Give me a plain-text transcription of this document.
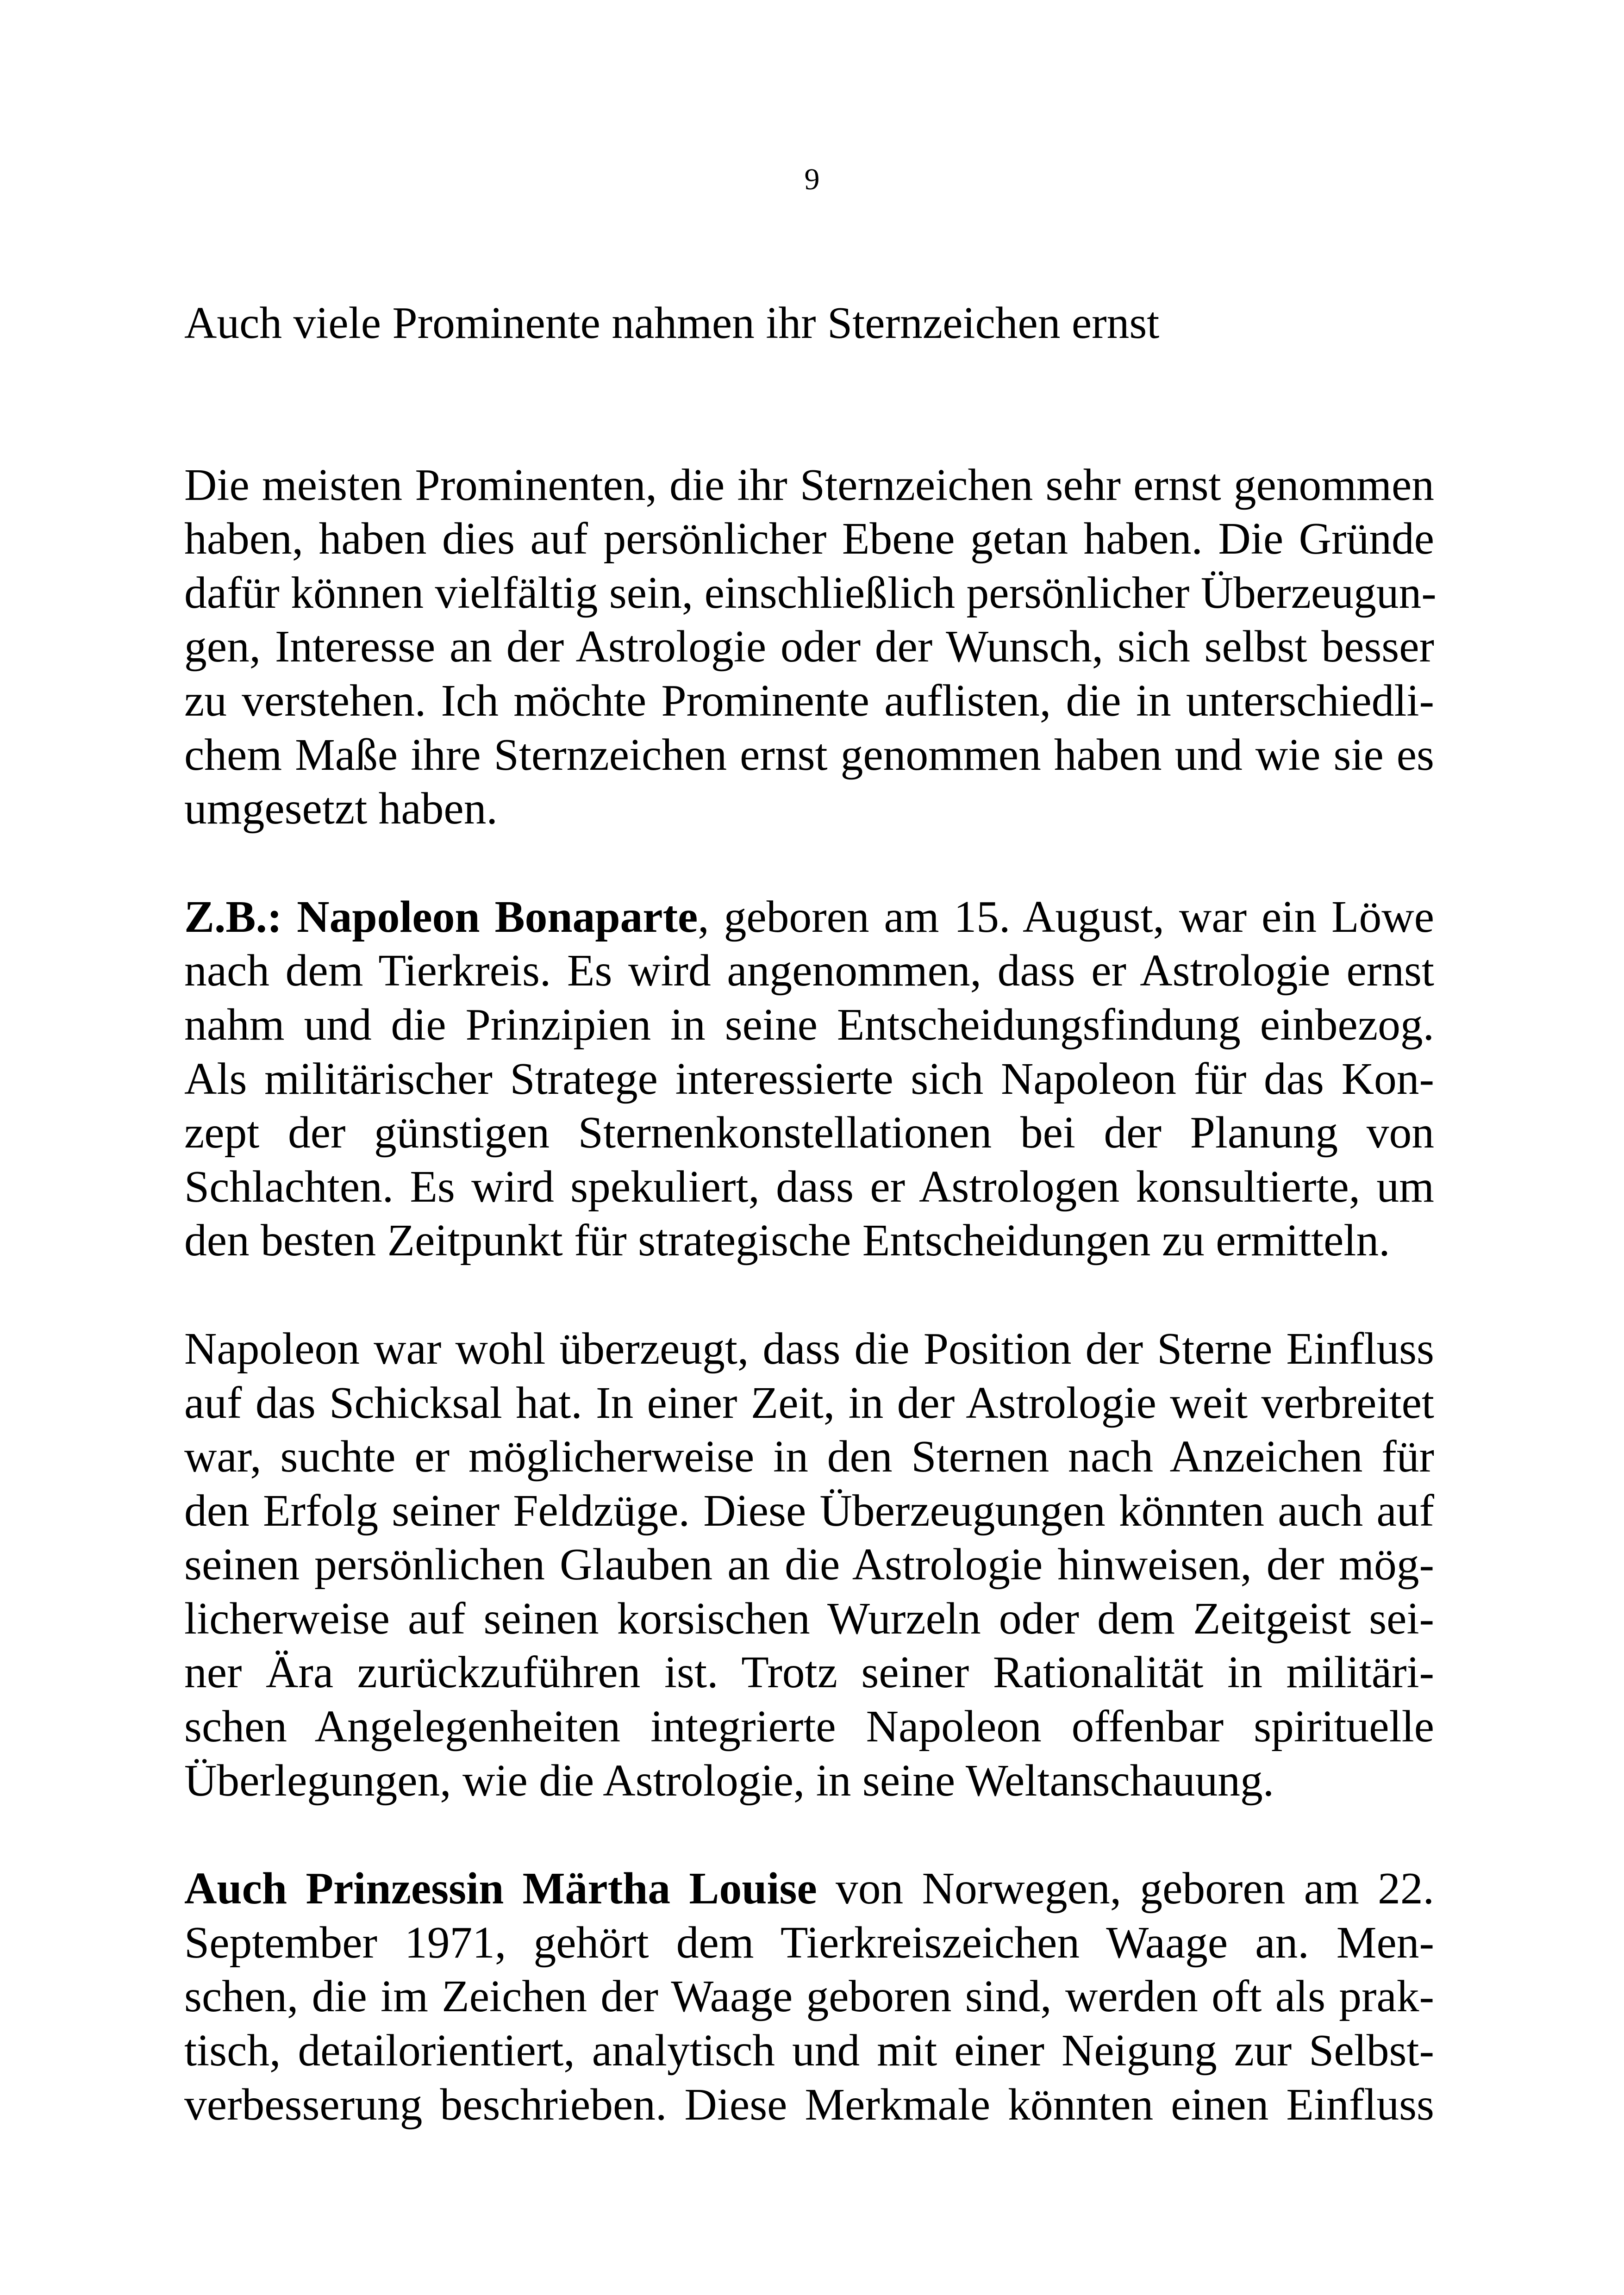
9
Auch viele Prominente nahmen ihr Sternzeichen ernst
Die meisten Prominenten, die ihr Sternzeichen sehr ernst genommen
haben, haben dies auf persönlicher Ebene getan haben. Die Gründe
dafür können vielfältig sein, einschließlich persönlicher Überzeugun-
gen, Interesse an der Astrologie oder der Wunsch, sich selbst besser
zu verstehen. Ich möchte Prominente auflisten, die in unterschiedli-
chem Maße ihre Sternzeichen ernst genommen haben und wie sie es
umgesetzt haben.
Z.B.: Napoleon Bonaparte, geboren am 15. August, war ein Löwe
nach dem Tierkreis. Es wird angenommen, dass er Astrologie ernst
nahm und die Prinzipien in seine Entscheidungsfindung einbezog.
Als militärischer Stratege interessierte sich Napoleon für das Kon-
zept der günstigen Sternenkonstellationen bei der Planung von
Schlachten. Es wird spekuliert, dass er Astrologen konsultierte, um
den besten Zeitpunkt für strategische Entscheidungen zu ermitteln.
Napoleon war wohl überzeugt, dass die Position der Sterne Einfluss
auf das Schicksal hat. In einer Zeit, in der Astrologie weit verbreitet
war, suchte er möglicherweise in den Sternen nach Anzeichen für
den Erfolg seiner Feldzüge. Diese Überzeugungen könnten auch auf
seinen persönlichen Glauben an die Astrologie hinweisen, der mög-
licherweise auf seinen korsischen Wurzeln oder dem Zeitgeist sei-
ner Ära zurückzuführen ist. Trotz seiner Rationalität in militäri-
schen Angelegenheiten integrierte Napoleon offenbar spirituelle
Überlegungen, wie die Astrologie, in seine Weltanschauung.
Auch Prinzessin Märtha Louise von Norwegen, geboren am 22.
September 1971, gehört dem Tierkreiszeichen Waage an. Men-
schen, die im Zeichen der Waage geboren sind, werden oft als prak-
tisch, detailorientiert, analytisch und mit einer Neigung zur Selbst-
verbesserung beschrieben. Diese Merkmale könnten einen Einfluss
